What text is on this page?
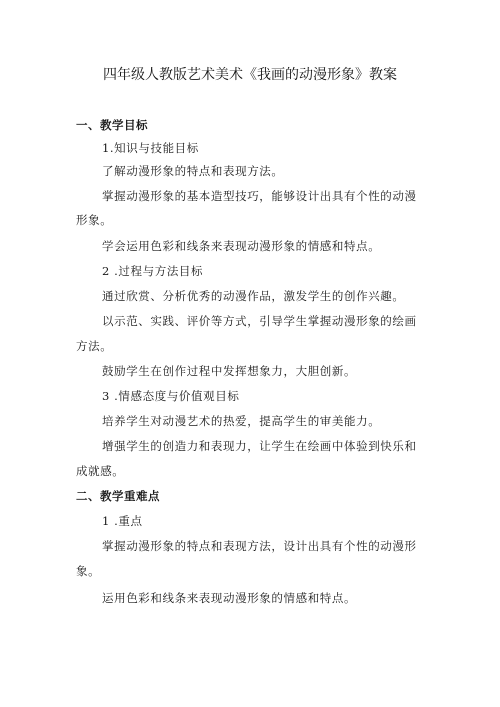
四年级人教版艺术美术《我画的动漫形象》教案
一、教学目标
1.知识与技能目标
了解动漫形象的特点和表现方法。
掌握动漫形象的基本造型技巧，能够设计出具有个性的动漫
形象。
学会运用色彩和线条来表现动漫形象的情感和特点。
2 .过程与方法目标
通过欣赏、分析优秀的动漫作品，激发学生的创作兴趣。
以示范、实践、评价等方式，引导学生掌握动漫形象的绘画
方法。
鼓励学生在创作过程中发挥想象力，大胆创新。
3 .情感态度与价值观目标
培养学生对动漫艺术的热爱，提高学生的审美能力。
增强学生的创造力和表现力，让学生在绘画中体验到快乐和
成就感。
二、教学重难点
1 .重点
掌握动漫形象的特点和表现方法，设计出具有个性的动漫形
象。
运用色彩和线条来表现动漫形象的情感和特点。
